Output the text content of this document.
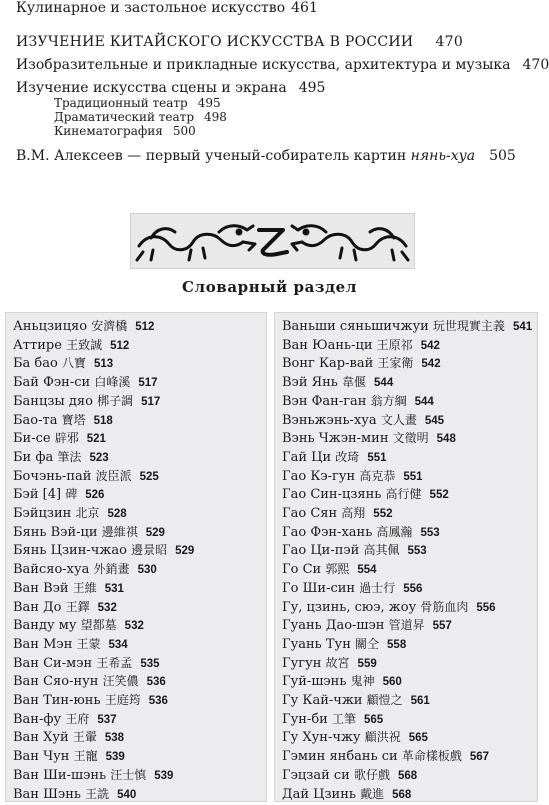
Кулинарное и застольное искусство 461
ИЗУЧЕНИЕ КИТАЙСКОГО ИСКУССТВА В РОССИИ 470
Изобразительные и прикладные искусства, архитектура и музыка 470
Изучение искусства сцены и экрана 495
Традиционный театр 495
Драматический театр 498
Кинематография 500
В.М. Алексеев — первый ученый-собиратель картин нянь-хуа 505
Словарный раздел
Аньцзицяо 安濟橋 512
Аттире 王致誠 512
Ба бао 八寶 513
Бай Фэн-си 白峰溪 517
Банцзы дяо 梆子調 517
Бао-та 寶塔 518
Би-се 辟邪 521
Би фа 筆法 523
Бочэнь-пай 波臣派 525
Бэй [4] 碑 526
Бэйцзин 北京 528
Бянь Вэй-ци 邊維祺 529
Бянь Цзин-чжао 邊景昭 529
Вайсяо-хуа 外銷畫 530
Ван Вэй 王維 531
Ван До 王鐸 532
Ванду му 望都墓 532
Ван Мэн 王蒙 534
Ван Си-мэн 王希孟 535
Ван Сяо-нун 汪笑儂 536
Ван Тин-юнь 王庭筠 536
Ван-фу 王府 537
Ван Хуй 王翬 538
Ван Чун 王寵 539
Ван Ши-шэнь 汪士慎 539
Ван Шэнь 王詵 540
Ваньши сяньшичжуи 玩世現實主義 541
Ван Юань-ци 王原祁 542
Вонг Кар-вай 王家衛 542
Вэй Янь 韋偃 544
Вэн Фан-ган 翁方綱 544
Вэньжэнь-хуа 文人畫 545
Вэнь Чжэн-мин 文徵明 548
Гай Ци 改琦 551
Гао Кэ-гун 高克恭 551
Гао Син-цзянь 高行健 552
Гао Сян 高翔 552
Гао Фэн-хань 高鳳瀚 553
Гао Ци-пэй 高其佩 553
Го Си 郭熙 554
Го Ши-син 過士行 556
Гу, цзинь, сюэ, жоу 骨筋血肉 556
Гуань Дао-шэн 管道昇 557
Гуань Тун 關仝 558
Гугун 故宮 559
Гуй-шэнь 鬼神 560
Гу Кай-чжи 顧愷之 561
Гун-би 工筆 565
Гу Хун-чжу 顧洪祝 565
Гэмин янбань си 革命樣板戲 567
Гэцзай си 歌仔戲 568
Дай Цзинь 戴進 568
